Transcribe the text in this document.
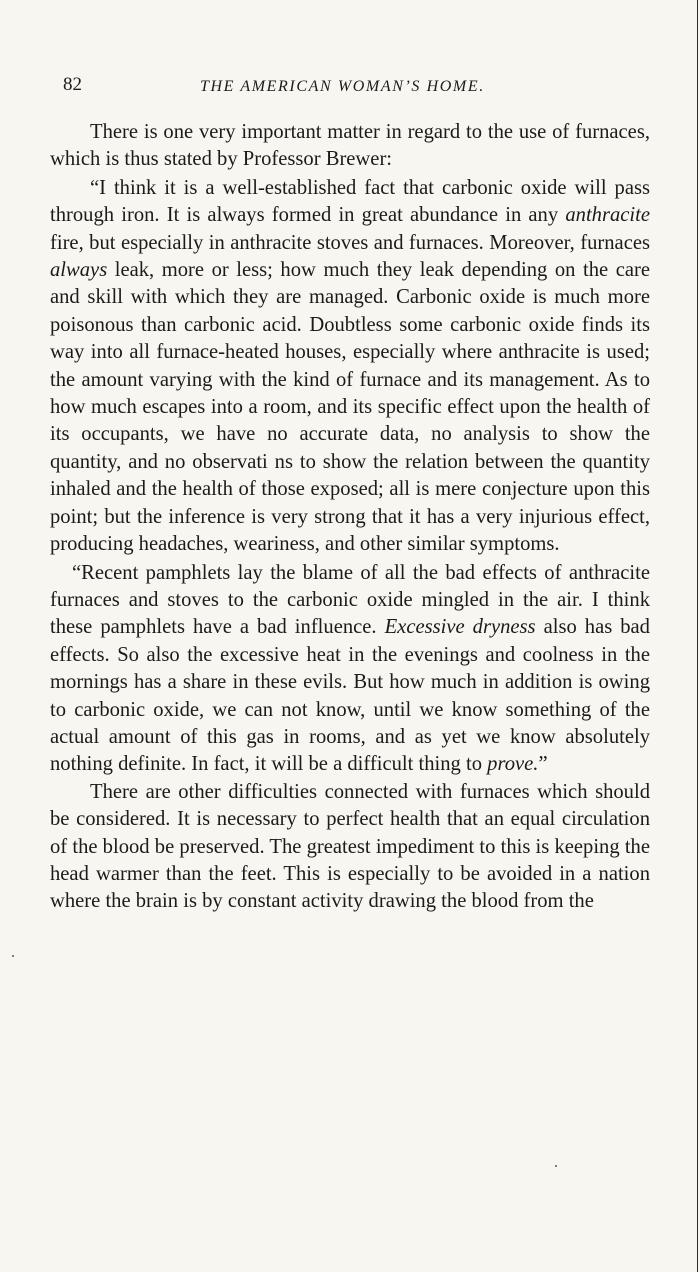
82	THE AMERICAN WOMAN’S HOME.

There is one very important matter in regard to the use of furnaces, which is thus stated by Professor Brewer:

“I think it is a well-established fact that carbonic oxide will pass through iron. It is always formed in great abundance in any anthracite fire, but especially in anthracite stoves and furnaces. Moreover, furnaces always leak, more or less; how much they leak depending on the care and skill with which they are managed. Carbonic oxide is much more poisonous than carbonic acid. Doubtless some carbonic oxide finds its way into all furnace-heated houses, especially where anthracite is used; the amount varying with the kind of furnace and its management. As to how much escapes into a room, and its specific effect upon the health of its occupants, we have no accurate data, no analysis to show the quantity, and no observati ns to show the relation between the quantity inhaled and the health of those exposed; all is mere conjecture upon this point; but the inference is very strong that it has a very injurious effect, producing headaches, weariness, and other similar symptoms.

“Recent pamphlets lay the blame of all the bad effects of anthracite furnaces and stoves to the carbonic oxide mingled in the air. I think these pamphlets have a bad influence. Excessive dryness also has bad effects. So also the excessive heat in the evenings and coolness in the mornings has a share in these evils. But how much in addition is owing to carbonic oxide, we can not know, until we know something of the actual amount of this gas in rooms, and as yet we know absolutely nothing definite. In fact, it will be a difficult thing to prove.”

There are other difficulties connected with furnaces which should be considered. It is necessary to perfect health that an equal circulation of the blood be preserved. The greatest impediment to this is keeping the head warmer than the feet. This is especially to be avoided in a nation where the brain is by constant activity drawing the blood from the
